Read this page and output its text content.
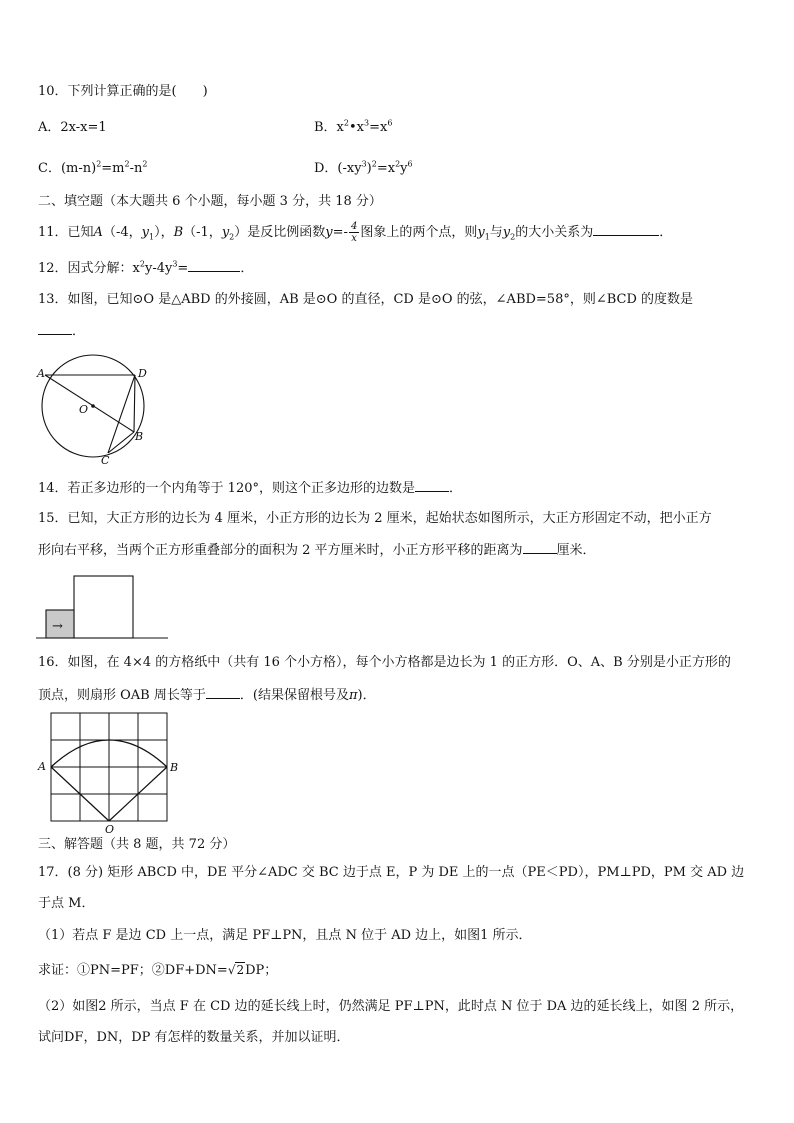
10．下列计算正确的是(　　)
A．2x-x=1	B．$x^2•x^3=x^6$
C．$(m-n)^2=m^2-n^2$	D．$(-xy^3)^2=x^2y^6$
二、填空题（本大题共 6 个小题，每小题 3 分，共 18 分）
11．已知A（-4，$y_1$），B（-1，$y_2$）是反比例函数$y=- \frac{4}{x}$ 图象上的两个点，则$y_1$与$y_2$的大小关系为	．
12．因式分解：$x^2y-4y^3=$	．
13．如图，已知⊙O 是△ABD 的外接圆，AB 是⊙O 的直径，CD 是⊙O 的弦，∠ABD=58°，则∠BCD 的度数是
．
A	D
O
B
C
14．若正多边形的一个内角等于 120°，则这个正多边形的边数是	．
15．已知，大正方形的边长为 4 厘米，小正方形的边长为 2 厘米，起始状态如图所示，大正方形固定不动，把小正方
形向右平移，当两个正方形重叠部分的面积为 2 平方厘米时，小正方形平移的距离为	厘米．
→
16．如图，在 4×4 的方格纸中（共有 16 个小方格），每个小方格都是边长为 1 的正方形．O、A、B 分别是小正方形的
顶点，则扇形 OAB 周长等于	．(结果保留根号及π)．
A	B
O
三、解答题（共 8 题，共 72 分）
17．(8 分) 矩形 ABCD 中，DE 平分∠ADC 交 BC 边于点 E，P 为 DE 上的一点（PE＜PD），PM⊥PD，PM 交 AD 边
于点 M．
（1）若点 F 是边 CD 上一点，满足 PF⊥PN，且点 N 位于 AD 边上，如图1 所示．
求证：①PN=PF；②DF+DN=√2DP；
（2）如图2 所示，当点 F 在 CD 边的延长线上时，仍然满足 PF⊥PN，此时点 N 位于 DA 边的延长线上，如图 2 所示，
试问DF，DN，DP 有怎样的数量关系，并加以证明．
